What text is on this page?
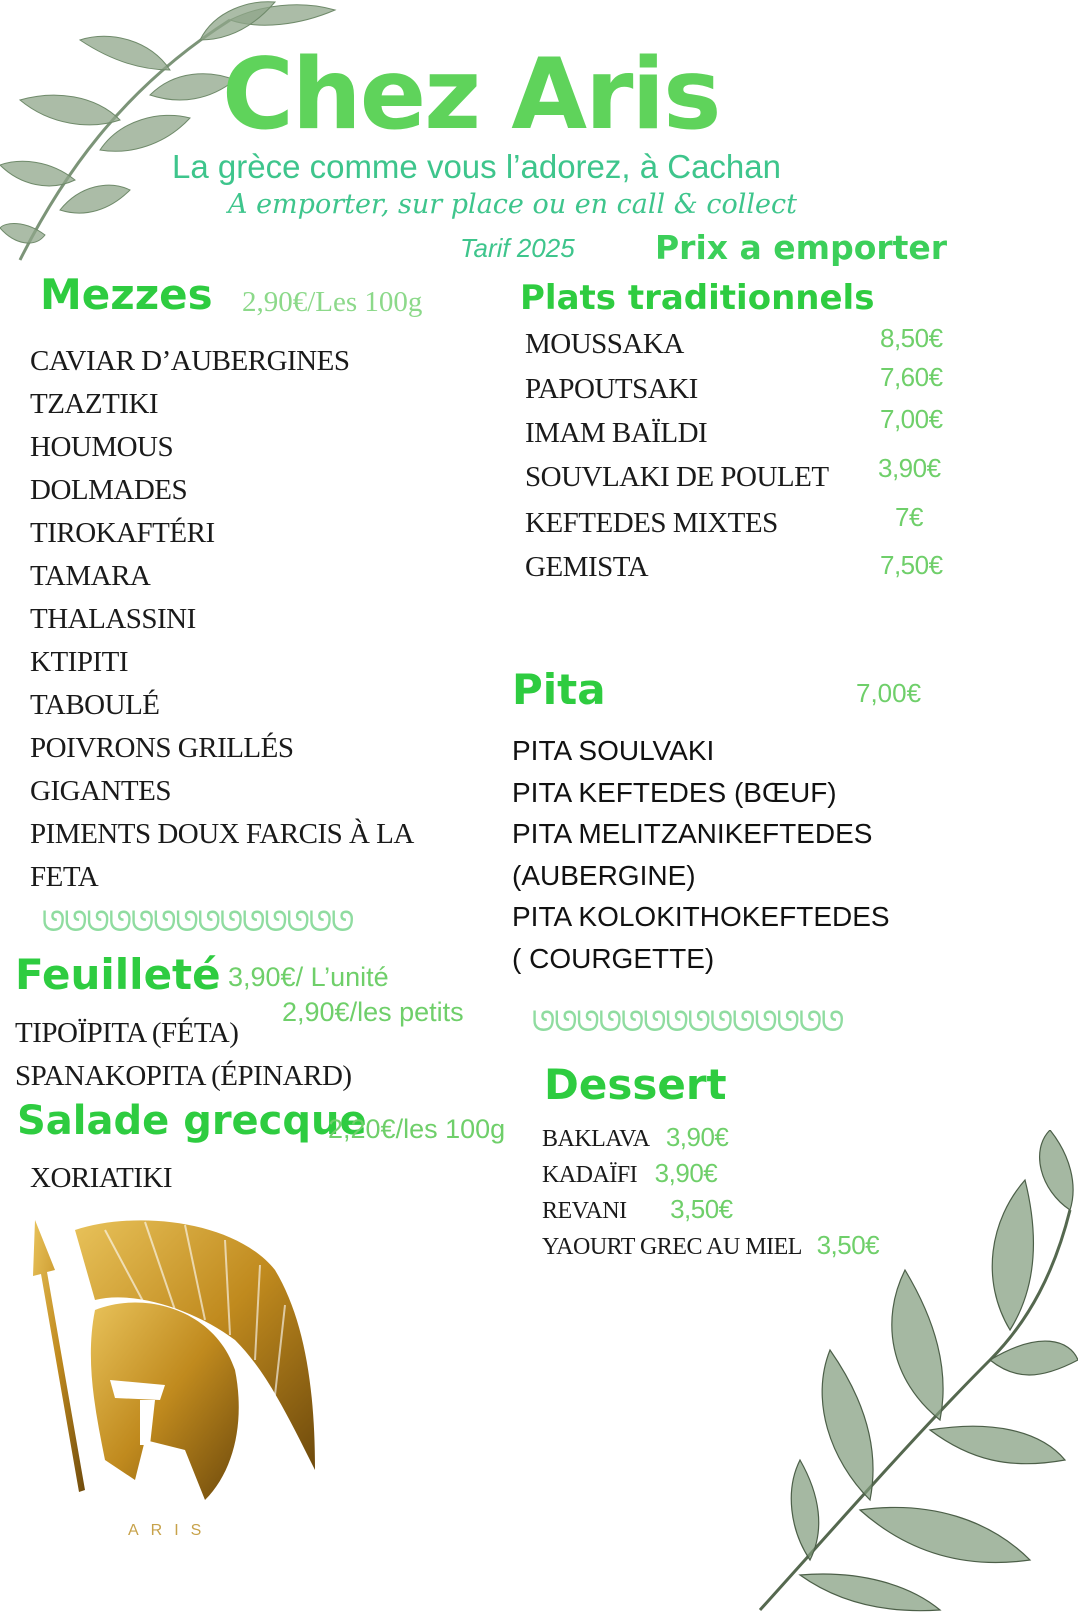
Chez Aris
La grèce comme vous l’adorez, à Cachan
A emporter, sur place ou en call & collect
Tarif 2025 Prix a emporter
Mezzes 2,90€/Les 100g
CAVIAR D’AUBERGINES
TZAZTIKI
HOUMOUS
DOLMADES
TIROKAFTÉRI
TAMARA
THALASSINI
KTIPITI
TABOULÉ
POIVRONS GRILLÉS
GIGANTES
PIMENTS DOUX FARCIS À LA
FETA
ᘎᘎᘎᘎᘎᘎᘎᘎᘎᘎᘎᘎᘎᘎ
Plats traditionnels
MOUSSAKA	8,50€
PAPOUTSAKI	7,60€
IMAM BAÏLDI	7,00€
SOUVLAKI DE POULET 3,90€
KEFTEDES MIXTES	7€
GEMISTA	7,50€
Pita	7,00€
PITA SOULVAKI
PITA KEFTEDES (BŒUF)
PITA MELITZANIKEFTEDES
(AUBERGINE)
PITA KOLOKITHOKEFTEDES
( COURGETTE)
ᘎᘎᘎᘎᘎᘎᘎᘎᘎᘎᘎᘎᘎᘎ
Feuilleté 3,90€/ L’unité
2,90€/les petits
TIPOÏPITA (FÉTA)
SPANAKOPITA (ÉPINARD)
Salade grecque
2,20€/les 100g
XORIATIKI
Dessert
BAKLAVA 3,90€
KADAÏFI 3,90€
REVANI 3,50€
YAOURT GREC AU MIEL 3,50€
ARIS
